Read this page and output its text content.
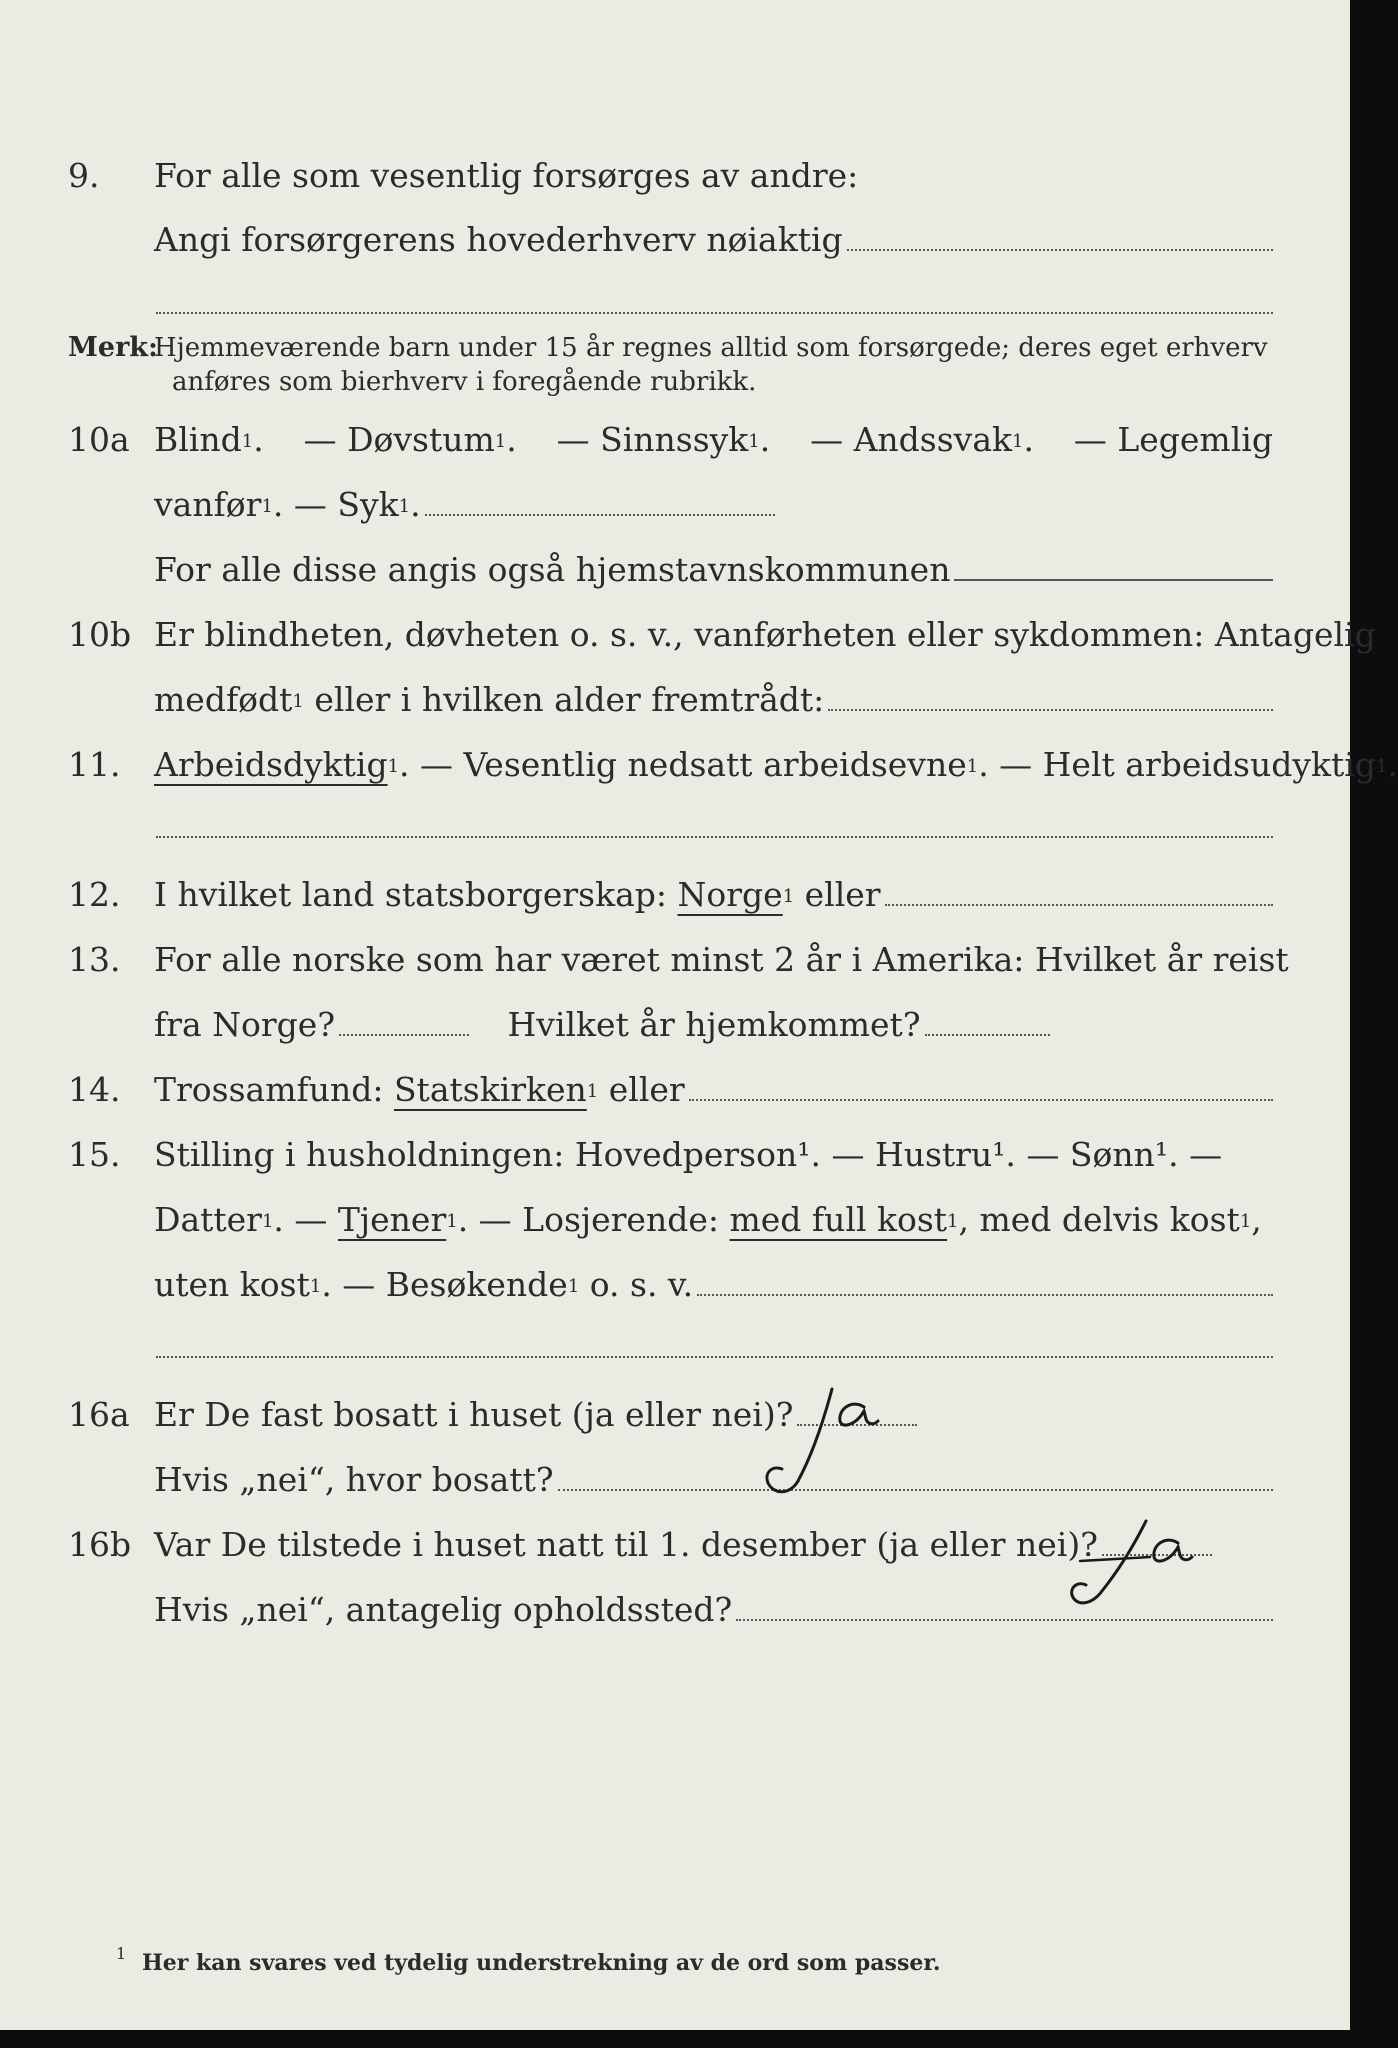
9. For alle som vesentlig forsørges av andre:
Angi forsørgerens hovederhverv nøiaktig
Merk:
Hjemmeværende barn under 15 år regnes alltid som forsørgede; deres eget erhverv
anføres som bierhverv i foregående rubrikk.
10a Blind$^1$. — Døvstum$^1$. — Sinnssyk$^1$. — Andssvak$^1$. — Legemlig
vanfør$^1$. — Syk$^1$.
For alle disse angis også hjemstavnskommunen
10b Er blindheten, døvheten o. s. v., vanførheten eller sykdommen: Antagelig
medfødt$^1$ eller i hvilken alder fremtrådt:
11. Arbeidsdyktig$^1$. — Vesentlig nedsatt arbeidsevne$^1$. — Helt arbeidsudyktig$^1$.
12. I hvilket land statsborgerskap: Norge$^1$ eller
13. For alle norske som har været minst 2 år i Amerika: Hvilket år reist
fra Norge?	Hvilket år hjemkommet?
14. Trossamfund: Statskirken$^1$ eller
15. Stilling i husholdningen: Hovedperson¹. — Hustru¹. — Sønn¹. —
Datter$^1$. — Tjener$^1$. — Losjerende: med full kost$^1$, med delvis kost$^1$,
uten kost$^1$. — Besøkende$^1$ o. s. v.
16a Er De fast bosatt i huset (ja eller nei)?
Hvis „nei“, hvor bosatt?
16b Var De tilstede i huset natt til 1. desember (ja eller nei)?
Hvis „nei“, antagelig opholdssted?
1 Her kan svares ved tydelig understrekning av de ord som passer.
